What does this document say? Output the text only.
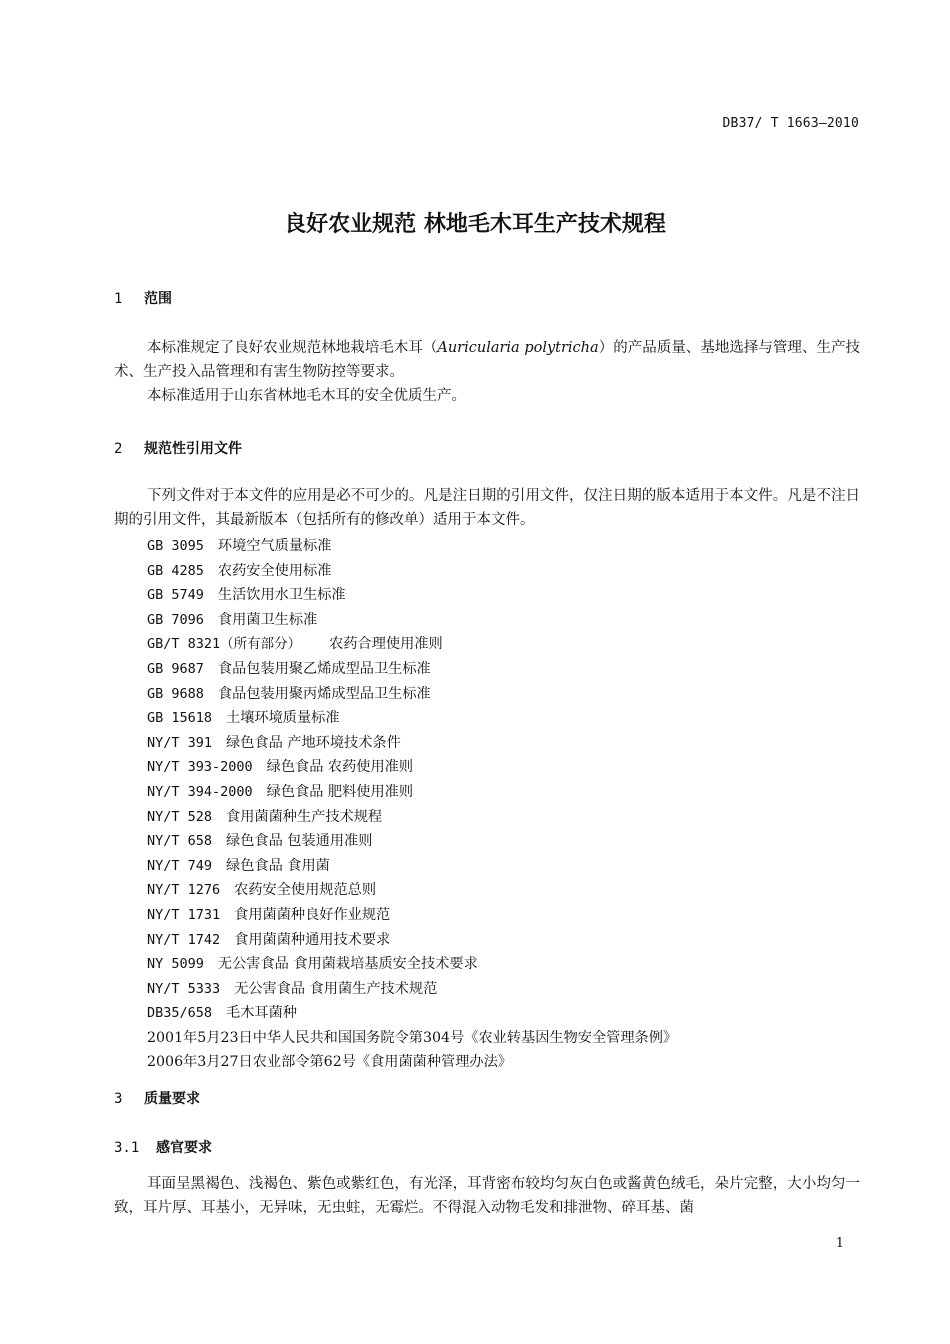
DB37/ T 1663—2010
良好农业规范 林地毛木耳生产技术规程
1 范围
本标准规定了良好农业规范林地栽培毛木耳（Auricularia polytricha）的产品质量、基地选择与管理、生产技术、生产投入品管理和有害生物防控等要求。
本标准适用于山东省林地毛木耳的安全优质生产。
2 规范性引用文件
下列文件对于本文件的应用是必不可少的。凡是注日期的引用文件，仅注日期的版本适用于本文件。凡是不注日期的引用文件，其最新版本（包括所有的修改单）适用于本文件。
GB 3095 环境空气质量标准
GB 4285 农药安全使用标准
GB 5749 生活饮用水卫生标准
GB 7096 食用菌卫生标准
GB/T 8321（所有部分） 农药合理使用准则
GB 9687 食品包装用聚乙烯成型品卫生标准
GB 9688 食品包装用聚丙烯成型品卫生标准
GB 15618 土壤环境质量标准
NY/T 391 绿色食品 产地环境技术条件
NY/T 393-2000 绿色食品 农药使用准则
NY/T 394-2000 绿色食品 肥料使用准则
NY/T 528 食用菌菌种生产技术规程
NY/T 658 绿色食品 包装通用准则
NY/T 749 绿色食品 食用菌
NY/T 1276 农药安全使用规范总则
NY/T 1731 食用菌菌种良好作业规范
NY/T 1742 食用菌菌种通用技术要求
NY 5099 无公害食品 食用菌栽培基质安全技术要求
NY/T 5333 无公害食品 食用菌生产技术规范
DB35/658 毛木耳菌种
2001年5月23日中华人民共和国国务院令第304号《农业转基因生物安全管理条例》
2006年3月27日农业部令第62号《食用菌菌种管理办法》
3 质量要求
3.1 感官要求
耳面呈黑褐色、浅褐色、紫色或紫红色，有光泽，耳背密布较均匀灰白色或酱黄色绒毛，朵片完整，大小均匀一致，耳片厚、耳基小，无异味，无虫蛀，无霉烂。不得混入动物毛发和排泄物、碎耳基、菌
1
